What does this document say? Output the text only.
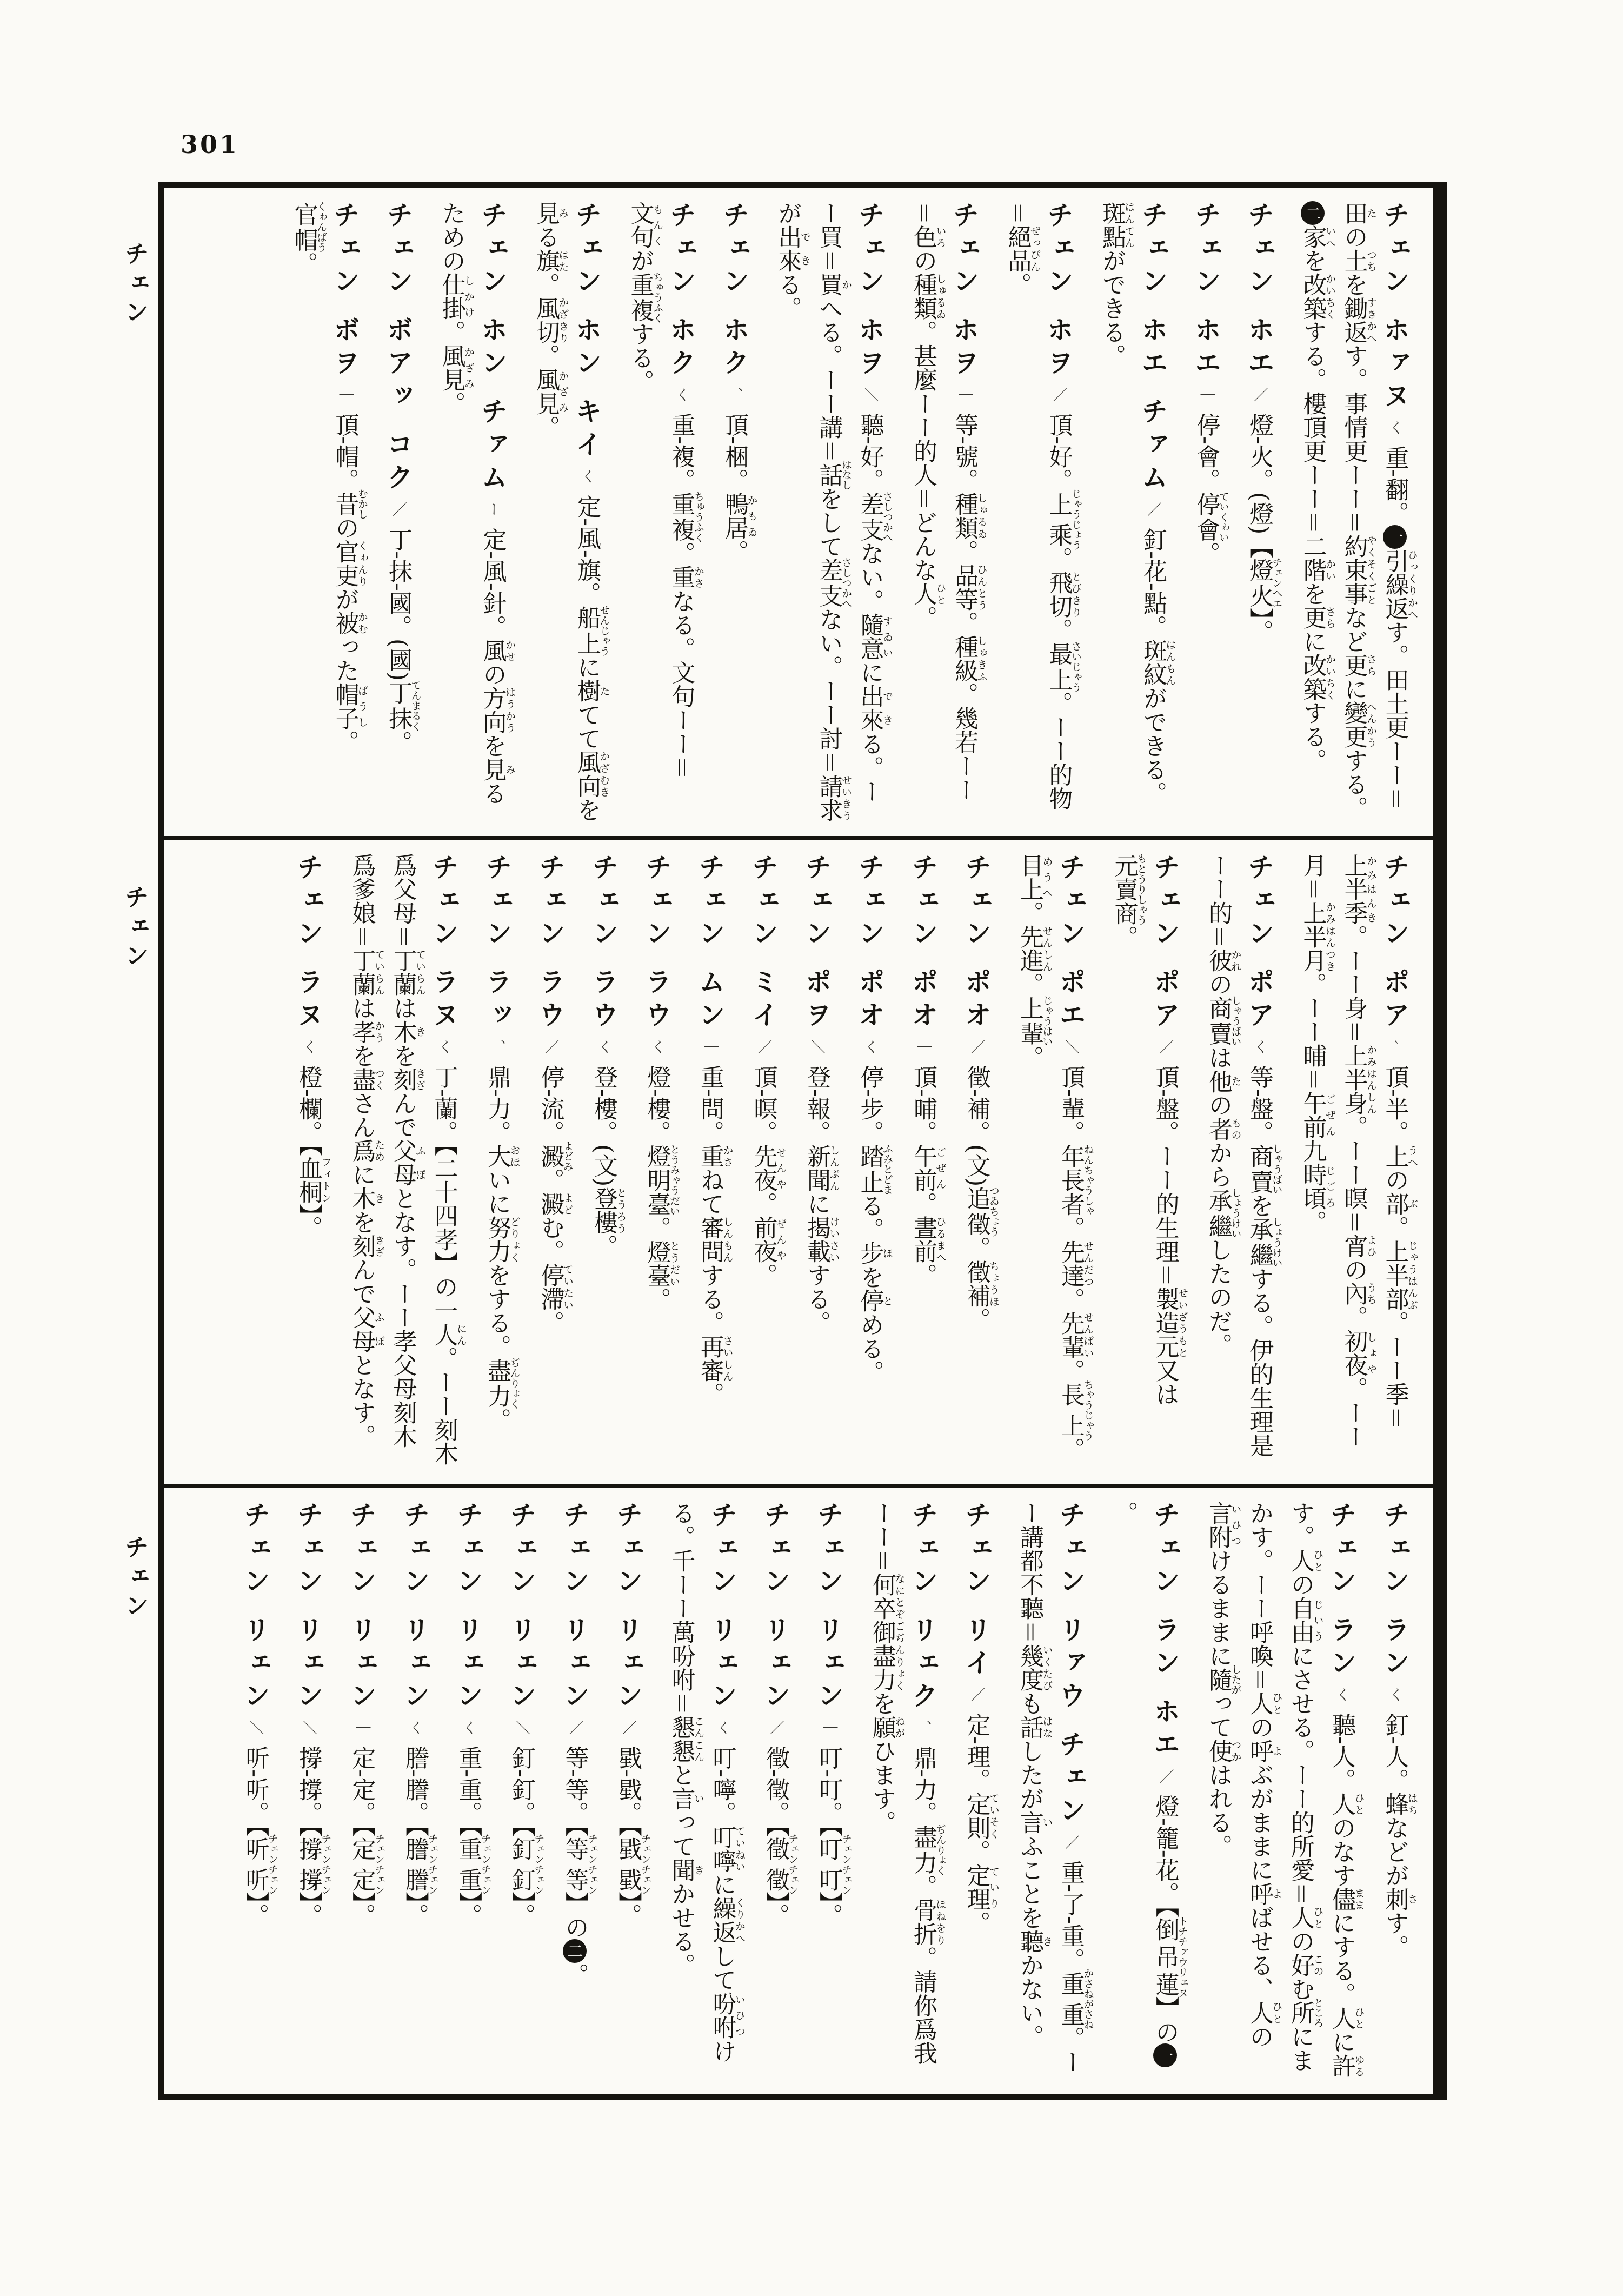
301
チェン
チェン
チェン
チェン ホァヌく重-翻。一引繰返ひっくりかへす。田土更ーー＝田たの土つちを鋤返すきかへす。事情更ーー＝約束事やくそくごとなど更さらに變更へんかうする。二家いへを改築かいちくする。樓頂更ーー＝二階かいを更さらに改築かいちくする。
チェン ホエ／燈-火。(燈)【燈火チェンヘエ】。
チェン ホエ｜停-會。停會ていくゎい。
チェン ホエ チァム／釘-花-點。斑紋はんもんができる。斑點はんてんができる。
チェン ホヲ／頂-好。上乘じゃうじょう。飛切とびきり。最上さいじゃう。ーー的物＝絕品ぜっぴん。
チェン ホヲ｜等-號。種類しゅるゐ。品等ひんとう。種級しゅきふ。幾若ーー＝色いろの種類しゅるゐ。甚麼ーー的人＝どんな人ひと。
チェン ホヲ＼聽-好。差支さしつかへない。隨意すゐいに出來できる。ーー買＝買かへる。ーー講＝話はなしをして差支さしつかへない。ーー討＝請求せいきうが出來できる。
チェン ホク、頂-梱。鴨居かもゐ。
チェン ホクく重-複。重複ちゅうふく。重かさなる。文句ーー＝文句もんくが重複ちゅうふくする。
チェン ホン キイく定-風-旗。船上せんじゃうに樹たてて風向かざむきを見みる旗はた。風切かざきり。風見かざみ。
チェン ホン チァムー定-風-針。風かせの方向はうかうを見みるための仕掛しかけ。風見かざみ。
チェン ボアッ コク／丁-抹-國。(國)丁抹てんまるく。
チェン ボヲ｜頂-帽。昔むかしの官吏くゎんりが被かむった帽子ばうし。官帽くゎんばう。
チェン ポア｀頂-半。上うへの部ぶ。上半部じゃうはんぶ。ーー季＝上半季かみはんき。ーー身＝上半身かみはんしん。ーー暝＝宵よひの內うち。初夜しょや。ーー月＝上半月かみはんつき。ーー晡＝午前ごぜん九時頃じごろ。
チェン ポアく等-盤。商賣しゃうばいを承繼しょうけいする。伊的生理是ーー的＝彼かれの商賣しゃうばいは他たの者ものから承繼しょうけいしたのだ。
チェン ポア／頂-盤。ーー的生理＝製造元せいざうもと又は元賣商もとうりしゃう。
チェン ポエ＼頂-輩。年長者ねんちゃうしゃ。先達せんだつ。先輩せんぱい。長上ちゃうじゃう。目上めうへ。先進せんしん。上輩じゃうはい。
チェン ポオ／徵-補。(文)追徵つゐちょう。徵補ちょうほ。
チェン ポオ｜頂-晡。午前ごぜん。晝前ひるまへ。
チェン ポオく停-步。踏止ふみとどまる。步ほを停とめる。
チェン ポヲ＼登-報。新聞しんぶんに揭載けいさいする。
チェン ミイ／頂-暝。先夜せんや。前夜ぜんや。
チェン ムン｜重-問。重かさねて審問しんもんする。再審さいしん。
チェン ラウく燈-樓。燈明臺とうみゃうだい。燈臺とうだい。
チェン ラウく登-樓。(文)登樓とうろう。
チェン ラウ／停-流。澱よどみ。澱よどむ。停滯ていたい。
チェン ラッ、鼎-力。大おほいに努力どりょくをする。盡力ぢんりょく。
チェン ラヌく丁-蘭。【二十四孝】の一人にん。ーー刻木爲父母＝丁蘭ていらんは木きを刻きざんで父母ふぼとなす。ーー孝父母刻木爲爹娘＝丁蘭ていらんは孝かうを盡つくさん爲ために木きを刻きざんで父母ふぼとなす。
チェン ラヌく橙-欄。【血桐フィトン】。
チェン ランく釘-人。蜂はちなどが刺さす。
チェン ランく聽-人。人ひとのなす儘ままにする。人ひとに許ゆるす。人ひとの自由じいうにさせる。ーー的所愛＝人ひとの好このむ所ところにまかす。ーー呼喚＝人ひとの呼よぶがままに呼よばせる、人ひとの言附いひつけるままに隨したがって使つかはれる。
チェン ラン ホエ／燈-籠-花。【倒吊蓮トチチァウリェヌ】の一。
チェン リァウ チェン／重-了-重。重重かさねがさね。ーー講都不聽＝幾度いくたびも話はなしたが言いふことを聽きかない。
チェン リイ／定-理。定則ていそく。定理ていり。
チェン リェク、鼎-力。盡力ぢんりょく。骨折ほねをり。請你爲我ーー＝何卒御盡力なにとぞごぢんりょくを願ねがひます。
チェン リェン｜叮-叮。【叮叮チェンチェン】。
チェン リェン／徵-徵。【徵徵チェンチェン】。
チェン リェンく叮-嚀。叮嚀ていねいに繰返くりかへして吩咐いひつける。千ーー萬吩咐＝懇懇こんこんと言いって聞きかせる。
チェン リェン／戥-戥。【戥戥チェンチェン】。
チェン リェン／等-等。【等等チェンチェン】の二。
チェン リェン＼釘-釘。【釘釘チェンチェン】。
チェン リェンく重-重。【重重チェンチェン】。
チェン リェンく謄-謄。【謄謄チェンチェン】。
チェン リェン｜定-定。【定定チェンチェン】。
チェン リェン＼撐-撐。【撐撐チェンチェン】。
チェン リェン＼听-听。【听听チェンチェン】。
